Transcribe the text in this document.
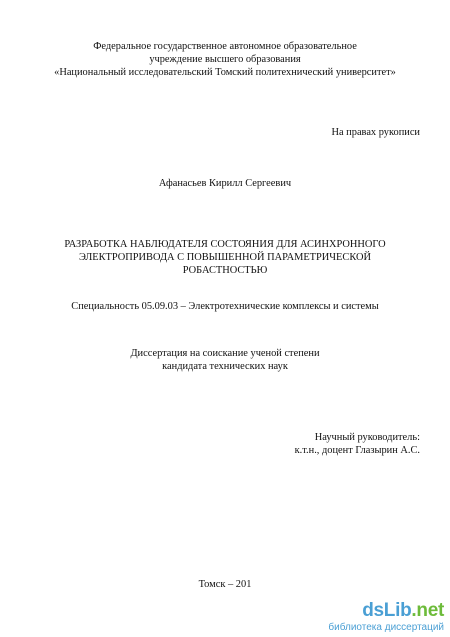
Федеральное государственное автономное образовательное
учреждение высшего образования
«Национальный исследовательский Томский политехнический университет»
На правах рукописи
Афанасьев Кирилл Сергеевич
РАЗРАБОТКА НАБЛЮДАТЕЛЯ СОСТОЯНИЯ ДЛЯ АСИНХРОННОГО
ЭЛЕКТРОПРИВОДА С ПОВЫШЕННОЙ ПАРАМЕТРИЧЕСКОЙ
РОБАСТНОСТЬЮ
Специальность 05.09.03 – Электротехнические комплексы и системы
Диссертация на соискание ученой степени
кандидата технических наук
Научный руководитель:
к.т.н., доцент Глазырин А.С.
Томск – 201
dsLib.net
библиотека диссертаций
